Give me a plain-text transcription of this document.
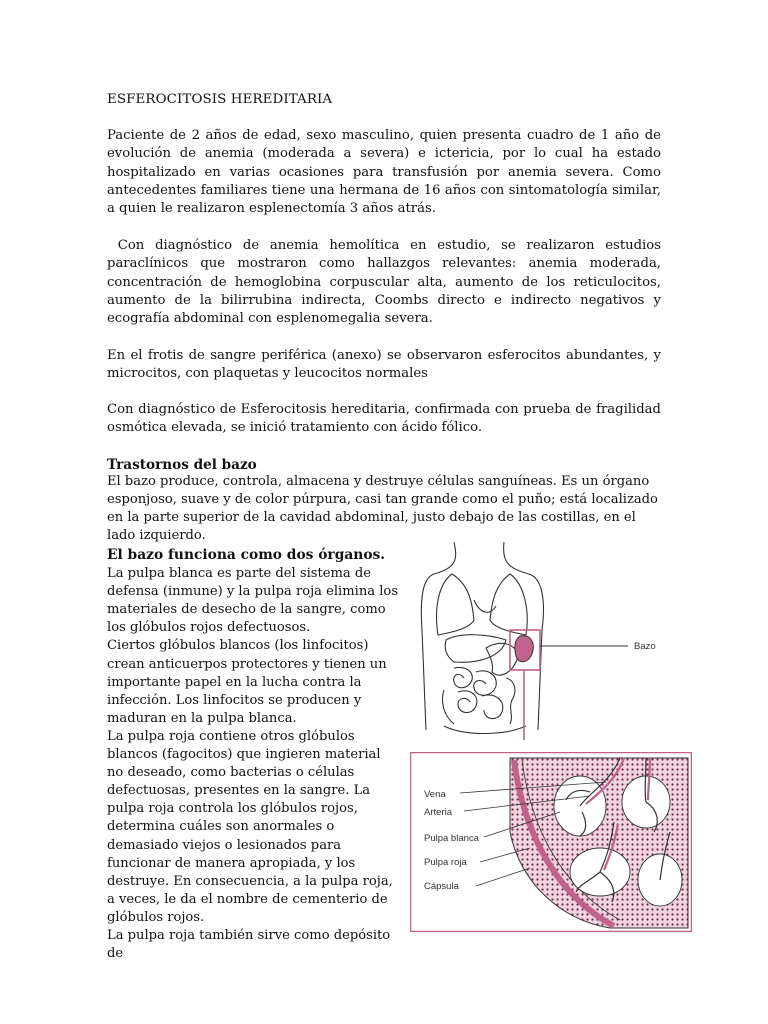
ESFEROCITOSIS HEREDITARIA

Paciente de 2 años de edad, sexo masculino, quien presenta cuadro de 1 año de evolución de anemia (moderada a severa) e ictericia, por lo cual ha estado hospitalizado en varias ocasiones para transfusión por anemia severa. Como antecedentes familiares tiene una hermana de 16 años con sintomatología similar, a quien le realizaron esplenectomía 3 años atrás.

Con diagnóstico de anemia hemolítica en estudio, se realizaron estudios paraclínicos que mostraron como hallazgos relevantes: anemia moderada, concentración de hemoglobina corpuscular alta, aumento de los reticulocitos, aumento de la bilirrubina indirecta, Coombs directo e indirecto negativos y ecografía abdominal con esplenomegalia severa.

En el frotis de sangre periférica (anexo) se observaron esferocitos abundantes, y microcitos, con plaquetas y leucocitos normales

Con diagnóstico de Esferocitosis hereditaria, confirmada con prueba de fragilidad osmótica elevada, se inició tratamiento con ácido fólico.

Trastornos del bazo

El bazo produce, controla, almacena y destruye células sanguíneas. Es un órgano esponjoso, suave y de color púrpura, casi tan grande como el puño; está localizado en la parte superior de la cavidad abdominal, justo debajo de las costillas, en el lado izquierdo.

El bazo funciona como dos órganos. La pulpa blanca es parte del sistema de defensa (inmune) y la pulpa roja elimina los materiales de desecho de la sangre, como los glóbulos rojos defectuosos.

Ciertos glóbulos blancos (los linfocitos) crean anticuerpos protectores y tienen un importante papel en la lucha contra la infección. Los linfocitos se producen y maduran en la pulpa blanca.

La pulpa roja contiene otros glóbulos blancos (fagocitos) que ingieren material no deseado, como bacterias o células defectuosas, presentes en la sangre. La pulpa roja controla los glóbulos rojos, determina cuáles son anormales o demasiado viejos o lesionados para funcionar de manera apropiada, y los destruye. En consecuencia, a la pulpa roja, a veces, le da el nombre de cementerio de glóbulos rojos.

La pulpa roja también sirve como depósito de

Bazo
Vena
Arteria
Pulpa blanca
Pulpa roja
Cápsula
